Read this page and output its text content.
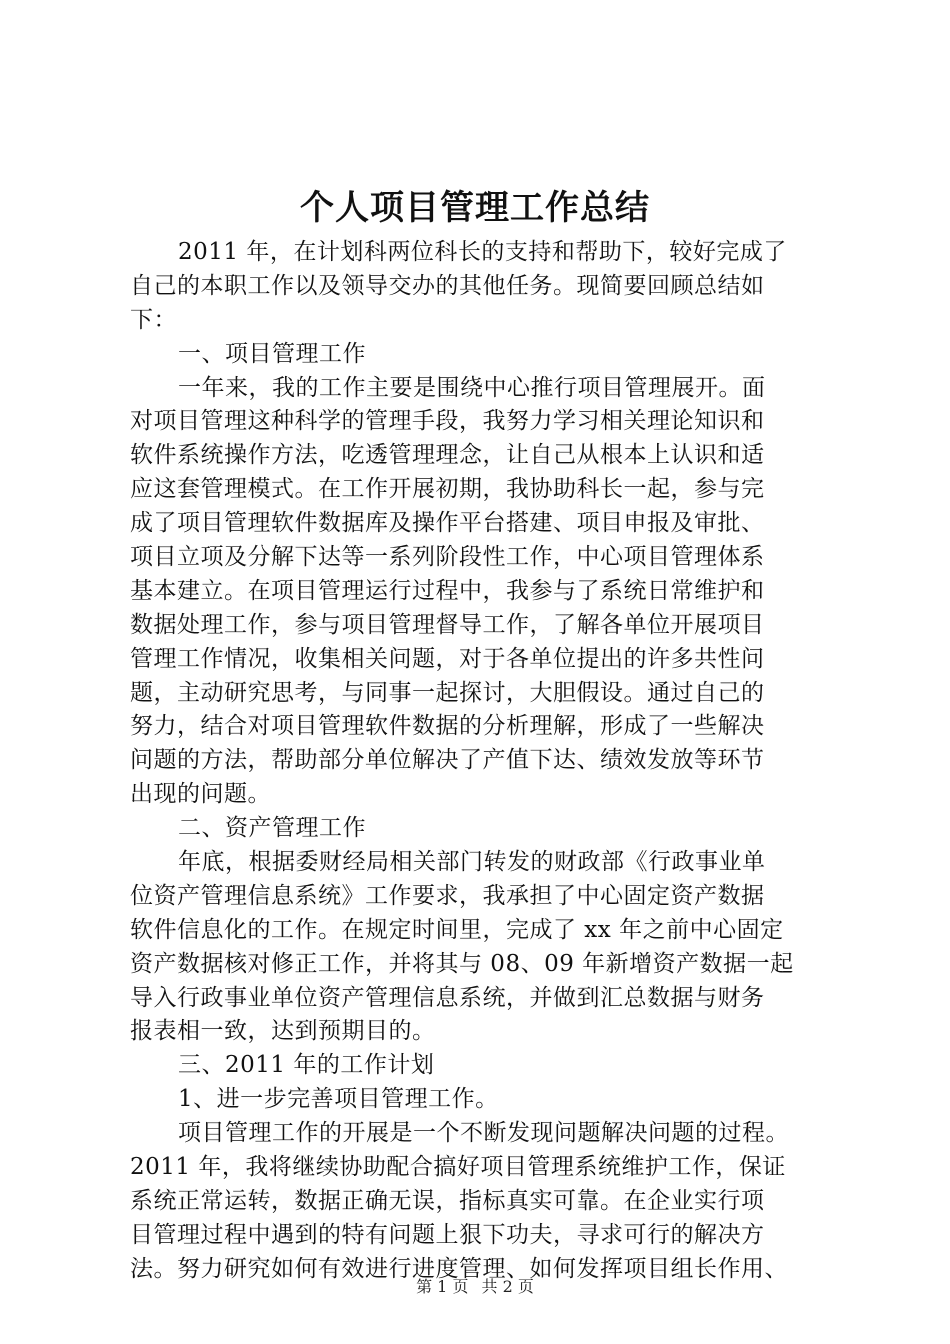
个人项目管理工作总结
2011 年，在计划科两位科长的支持和帮助下，较好完成了
自己的本职工作以及领导交办的其他任务。现简要回顾总结如
下：
一、项目管理工作
一年来，我的工作主要是围绕中心推行项目管理展开。面
对项目管理这种科学的管理手段，我努力学习相关理论知识和
软件系统操作方法，吃透管理理念，让自己从根本上认识和适
应这套管理模式。在工作开展初期，我协助科长一起，参与完
成了项目管理软件数据库及操作平台搭建、项目申报及审批、
项目立项及分解下达等一系列阶段性工作，中心项目管理体系
基本建立。在项目管理运行过程中，我参与了系统日常维护和
数据处理工作，参与项目管理督导工作，了解各单位开展项目
管理工作情况，收集相关问题，对于各单位提出的许多共性问
题，主动研究思考，与同事一起探讨，大胆假设。通过自己的
努力，结合对项目管理软件数据的分析理解，形成了一些解决
问题的方法，帮助部分单位解决了产值下达、绩效发放等环节
出现的问题。
二、资产管理工作
年底，根据委财经局相关部门转发的财政部《行政事业单
位资产管理信息系统》工作要求，我承担了中心固定资产数据
软件信息化的工作。在规定时间里，完成了 xx 年之前中心固定
资产数据核对修正工作，并将其与 08、09 年新增资产数据一起
导入行政事业单位资产管理信息系统，并做到汇总数据与财务
报表相一致，达到预期目的。
三、2011 年的工作计划
1、进一步完善项目管理工作。
项目管理工作的开展是一个不断发现问题解决问题的过程。
2011 年，我将继续协助配合搞好项目管理系统维护工作，保证
系统正常运转，数据正确无误，指标真实可靠。在企业实行项
目管理过程中遇到的特有问题上狠下功夫，寻求可行的解决方
法。努力研究如何有效进行进度管理、如何发挥项目组长作用、
第 1 页 共 2 页
